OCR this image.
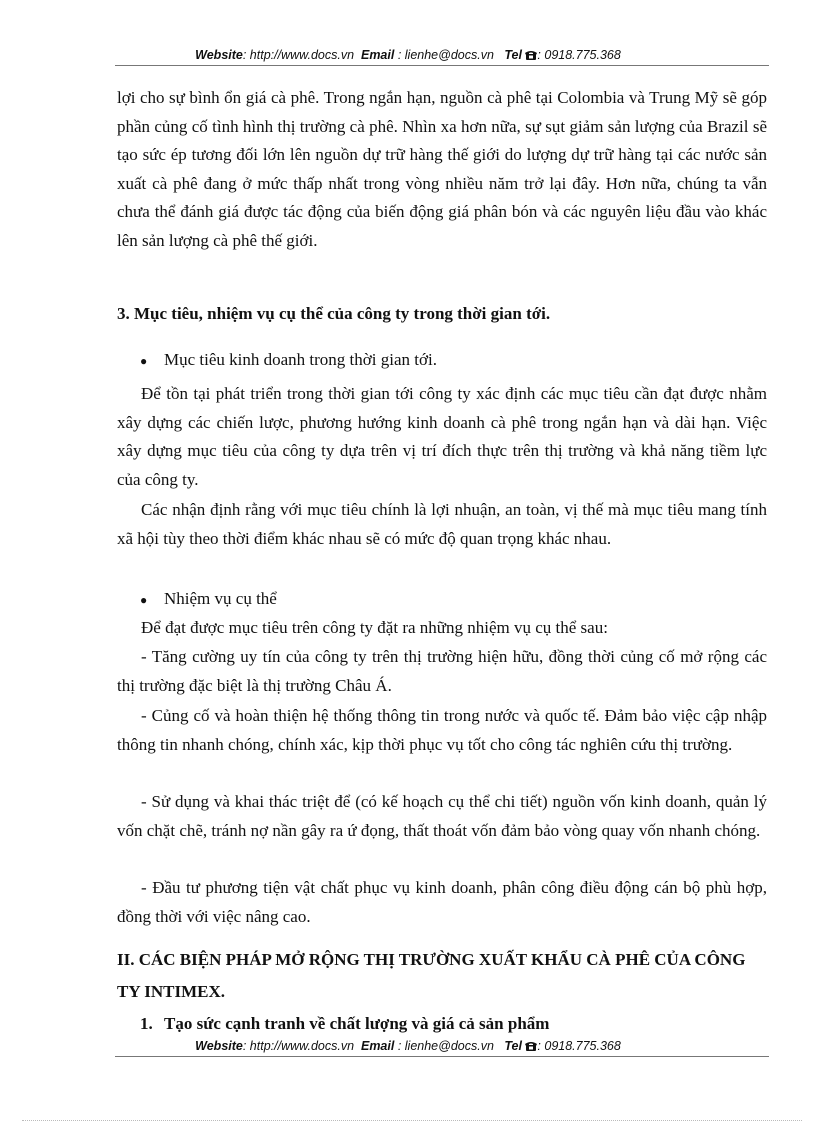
Website: http://www.docs.vn Email : lienhe@docs.vn Tel : 0918.775.368

lợi cho sự bình ổn giá cà phê. Trong ngắn hạn, nguồn cà phê tại Colombia và Trung Mỹ sẽ góp phần củng cố tình hình thị trường cà phê. Nhìn xa hơn nữa, sự sụt giảm sản lượng của Brazil sẽ tạo sức ép tương đối lớn lên nguồn dự trữ hàng thế giới do lượng dự trữ hàng tại các nước sản xuất cà phê đang ở mức thấp nhất trong vòng nhiều năm trở lại đây. Hơn nữa, chúng ta vẫn chưa thể đánh giá được tác động của biến động giá phân bón và các nguyên liệu đầu vào khác lên sản lượng cà phê thế giới.

3. Mục tiêu, nhiệm vụ cụ thể của công ty trong thời gian tới.

● Mục tiêu kinh doanh trong thời gian tới.

Để tồn tại phát triển trong thời gian tới công ty xác định các mục tiêu cần đạt được nhằm xây dựng các chiến lược, phương hướng kinh doanh cà phê trong ngắn hạn và dài hạn. Việc xây dựng mục tiêu của công ty dựa trên vị trí đích thực trên thị trường và khả năng tiềm lực của công ty.

Các nhận định rằng với mục tiêu chính là lợi nhuận, an toàn, vị thế mà mục tiêu mang tính xã hội tùy theo thời điểm khác nhau sẽ có mức độ quan trọng khác nhau.

● Nhiệm vụ cụ thể

Để đạt được mục tiêu trên công ty đặt ra những nhiệm vụ cụ thể sau:

- Tăng cường uy tín của công ty trên thị trường hiện hữu, đồng thời củng cố mở rộng các thị trường đặc biệt là thị trường Châu Á.

- Củng cố và hoàn thiện hệ thống thông tin trong nước và quốc tế. Đảm bảo việc cập nhập thông tin nhanh chóng, chính xác, kịp thời phục vụ tốt cho công tác nghiên cứu thị trường.

- Sử dụng và khai thác triệt để (có kế hoạch cụ thể chi tiết) nguồn vốn kinh doanh, quản lý vốn chặt chẽ, tránh nợ nần gây ra ứ đọng, thất thoát vốn đảm bảo vòng quay vốn nhanh chóng.

- Đầu tư phương tiện vật chất phục vụ kinh doanh, phân công điều động cán bộ phù hợp, đồng thời với việc nâng cao.

II. CÁC BIỆN PHÁP MỞ RỘNG THỊ TRƯỜNG XUẤT KHẨU CÀ PHÊ CỦA CÔNG TY INTIMEX.

1. Tạo sức cạnh tranh về chất lượng và giá cả sản phẩm
Website: http://www.docs.vn Email : lienhe@docs.vn Tel : 0918.775.368
